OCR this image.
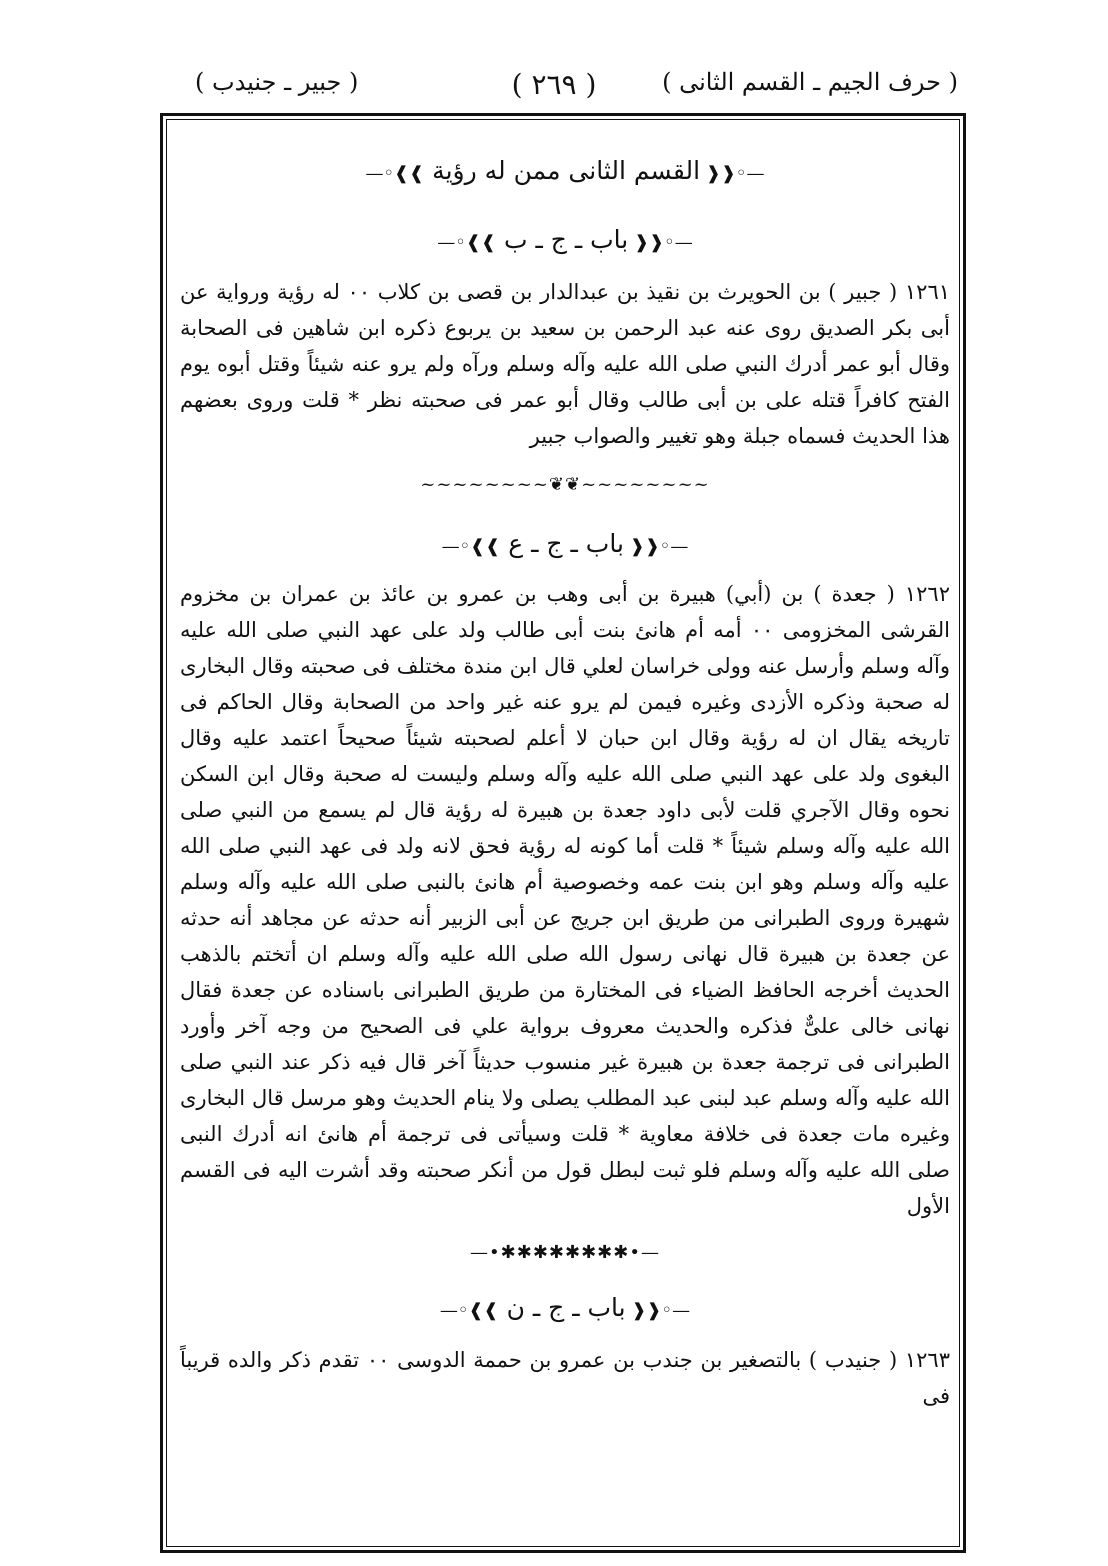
( حرف الجيم ـ القسم الثانى )
( ٢٦٩ )
( جبير ـ جنيدب )
—◦❰❰ القسم الثانى ممن له رؤية ❱❱◦—
—◦❰❰ باب ـ ج ـ ب ❱❱◦—
١٢٦١ ( جبير ) بن الحويرث بن نقيذ بن عبدالدار بن قصى بن كلاب ٠٠ له رؤية ورواية عن أبى بكر الصديق روى عنه عبد الرحمن بن سعيد بن يربوع ذكره ابن شاهين فى الصحابة وقال أبو عمر أدرك النبي صلى الله عليه وآله وسلم ورآه ولم يرو عنه شيئاً وقتل أبوه يوم الفتح كافراً قتله على بن أبى طالب وقال أبو عمر فى صحبته نظر * قلت وروى بعضهم هذا الحديث فسماه جبلة وهو تغيير والصواب جبير
~~~~~~~~❦❦~~~~~~~~
—◦❰❰ باب ـ ج ـ ع ❱❱◦—
١٢٦٢ ( جعدة ) بن (أبي) هبيرة بن أبى وهب بن عمرو بن عائذ بن عمران بن مخزوم القرشى المخزومى ٠٠ أمه أم هانئ بنت أبى طالب ولد على عهد النبي صلى الله عليه وآله وسلم وأرسل عنه وولى خراسان لعلي قال ابن مندة مختلف فى صحبته وقال البخارى له صحبة وذكره الأزدى وغيره فيمن لم يرو عنه غير واحد من الصحابة وقال الحاكم فى تاريخه يقال ان له رؤية وقال ابن حبان لا أعلم لصحبته شيئاً صحيحاً اعتمد عليه وقال البغوى ولد على عهد النبي صلى الله عليه وآله وسلم وليست له صحبة وقال ابن السكن نحوه وقال الآجري قلت لأبى داود جعدة بن هبيرة له رؤية قال لم يسمع من النبي صلى الله عليه وآله وسلم شيئاً * قلت أما كونه له رؤية فحق لانه ولد فى عهد النبي صلى الله عليه وآله وسلم وهو ابن بنت عمه وخصوصية أم هانئ بالنبى صلى الله عليه وآله وسلم شهيرة وروى الطبرانى من طريق ابن جريج عن أبى الزبير أنه حدثه عن مجاهد أنه حدثه عن جعدة بن هبيرة قال نهانى رسول الله صلى الله عليه وآله وسلم ان أتختم بالذهب الحديث أخرجه الحافظ الضياء فى المختارة من طريق الطبرانى باسناده عن جعدة فقال نهانى خالى علىٌّ فذكره والحديث معروف برواية علي فى الصحيح من وجه آخر وأورد الطبرانى فى ترجمة جعدة بن هبيرة غير منسوب حديثاً آخر قال فيه ذكر عند النبي صلى الله عليه وآله وسلم عبد لبنى عبد المطلب يصلى ولا ينام الحديث وهو مرسل قال البخارى وغيره مات جعدة فى خلافة معاوية * قلت وسيأتى فى ترجمة أم هانئ انه أدرك النبى صلى الله عليه وآله وسلم فلو ثبت لبطل قول من أنكر صحبته وقد أشرت اليه فى القسم الأول
—•✱✱✱✱✱✱✱✱•—
—◦❰❰ باب ـ ج ـ ن ❱❱◦—
١٢٦٣ ( جنيدب ) بالتصغير بن جندب بن عمرو بن حممة الدوسى ٠٠ تقدم ذكر والده قريباً فى
